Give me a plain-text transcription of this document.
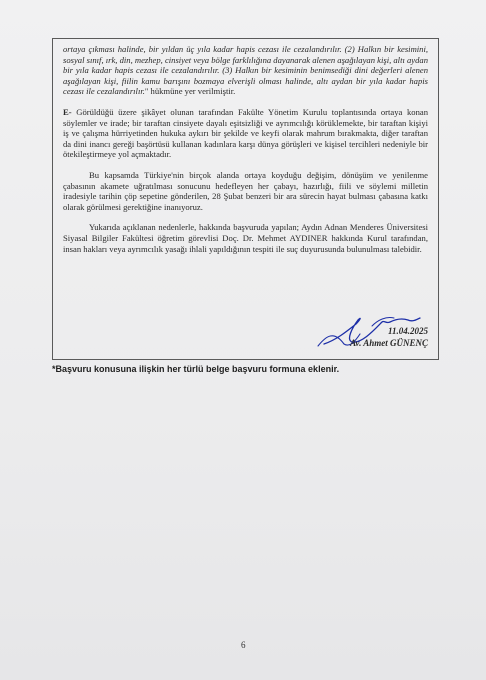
ortaya çıkması halinde, bir yıldan üç yıla kadar hapis cezası ile cezalandırılır. (2) Halkın bir kesimini, sosyal sınıf, ırk, din, mezhep, cinsiyet veya bölge farklılığına dayanarak alenen aşağılayan kişi, altı aydan bir yıla kadar hapis cezası ile cezalandırılır. (3) Halkın bir kesiminin benimsediği dini değerleri alenen aşağılayan kişi, fiilin kamu barışını bozmaya elverişli olması halinde, altı aydan bir yıla kadar hapis cezası ile cezalandırılır." hükmüne yer verilmiştir.

E- Görüldüğü üzere şikâyet olunan tarafından Fakülte Yönetim Kurulu toplantısında ortaya konan söylemler ve irade; bir taraftan cinsiyete dayalı eşitsizliği ve ayrımcılığı körüklemekte, bir taraftan kişiyi iş ve çalışma hürriyetinden hukuka aykırı bir şekilde ve keyfi olarak mahrum bırakmakta, diğer taraftan da dini inancı gereği başörtüsü kullanan kadınlara karşı dünya görüşleri ve kişisel tercihleri nedeniyle bir ötekileştirmeye yol açmaktadır.

Bu kapsamda Türkiye'nin birçok alanda ortaya koyduğu değişim, dönüşüm ve yenilenme çabasının akamete uğratılması sonucunu hedefleyen her çabayı, hazırlığı, fiili ve söylemi milletin iradesiyle tarihin çöp sepetine gönderilen, 28 Şubat benzeri bir ara sürecin hayat bulması çabasına katkı olarak görülmesi gerektiğine inanıyoruz.

Yukarıda açıklanan nedenlerle, hakkında başvuruda yapılan; Aydın Adnan Menderes Üniversitesi Siyasal Bilgiler Fakültesi öğretim görevlisi Doç. Dr. Mehmet AYDINER hakkında Kurul tarafından, insan hakları veya ayrımcılık yasağı ihlali yapıldığının tespiti ile suç duyurusunda bulunulması talebidir.

11.04.2025
Av. Ahmet GÜNENÇ
*Başvuru konusuna ilişkin her türlü belge başvuru formuna eklenir.
6
